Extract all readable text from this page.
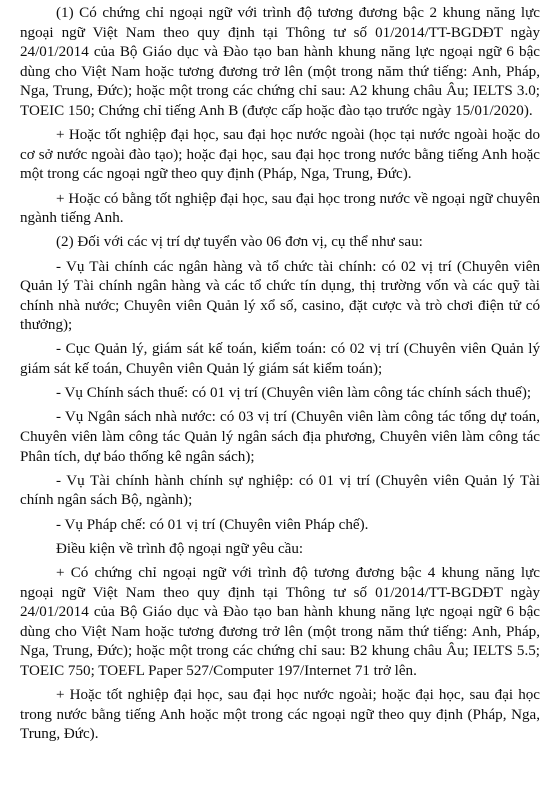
(1) Có chứng chỉ ngoại ngữ với trình độ tương đương bậc 2 khung năng lực ngoại ngữ Việt Nam theo quy định tại Thông tư số 01/2014/TT-BGDĐT ngày 24/01/2014 của Bộ Giáo dục và Đào tạo ban hành khung năng lực ngoại ngữ 6 bậc dùng cho Việt Nam hoặc tương đương trở lên (một trong năm thứ tiếng: Anh, Pháp, Nga, Trung, Đức); hoặc một trong các chứng chỉ sau: A2 khung châu Âu; IELTS 3.0; TOEIC 150; Chứng chỉ tiếng Anh B (được cấp hoặc đào tạo trước ngày 15/01/2020).

+ Hoặc tốt nghiệp đại học, sau đại học nước ngoài (học tại nước ngoài hoặc do cơ sở nước ngoài đào tạo); hoặc đại học, sau đại học trong nước bằng tiếng Anh hoặc một trong các ngoại ngữ theo quy định (Pháp, Nga, Trung, Đức).

+ Hoặc có bằng tốt nghiệp đại học, sau đại học trong nước về ngoại ngữ chuyên ngành tiếng Anh.

(2) Đối với các vị trí dự tuyển vào 06 đơn vị, cụ thể như sau:

- Vụ Tài chính các ngân hàng và tổ chức tài chính: có 02 vị trí (Chuyên viên Quản lý Tài chính ngân hàng và các tổ chức tín dụng, thị trường vốn và các quỹ tài chính nhà nước; Chuyên viên Quản lý xổ số, casino, đặt cược và trò chơi điện tử có thưởng);

- Cục Quản lý, giám sát kế toán, kiểm toán: có 02 vị trí (Chuyên viên Quản lý giám sát kế toán, Chuyên viên Quản lý giám sát kiểm toán);

- Vụ Chính sách thuế: có 01 vị trí (Chuyên viên làm công tác chính sách thuế);

- Vụ Ngân sách nhà nước: có 03 vị trí (Chuyên viên làm công tác tổng dự toán, Chuyên viên làm công tác Quản lý ngân sách địa phương, Chuyên viên làm công tác Phân tích, dự báo thống kê ngân sách);

- Vụ Tài chính hành chính sự nghiệp: có 01 vị trí (Chuyên viên Quản lý Tài chính ngân sách Bộ, ngành);

- Vụ Pháp chế: có 01 vị trí (Chuyên viên Pháp chế).

Điều kiện về trình độ ngoại ngữ yêu cầu:

+ Có chứng chỉ ngoại ngữ với trình độ tương đương bậc 4 khung năng lực ngoại ngữ Việt Nam theo quy định tại Thông tư số 01/2014/TT-BGDĐT ngày 24/01/2014 của Bộ Giáo dục và Đào tạo ban hành khung năng lực ngoại ngữ 6 bậc dùng cho Việt Nam hoặc tương đương trở lên (một trong năm thứ tiếng: Anh, Pháp, Nga, Trung, Đức); hoặc một trong các chứng chỉ sau: B2 khung châu Âu; IELTS 5.5; TOEIC 750; TOEFL Paper 527/Computer 197/Internet 71 trở lên.

+ Hoặc tốt nghiệp đại học, sau đại học nước ngoài; hoặc đại học, sau đại học trong nước bằng tiếng Anh hoặc một trong các ngoại ngữ theo quy định (Pháp, Nga, Trung, Đức).
